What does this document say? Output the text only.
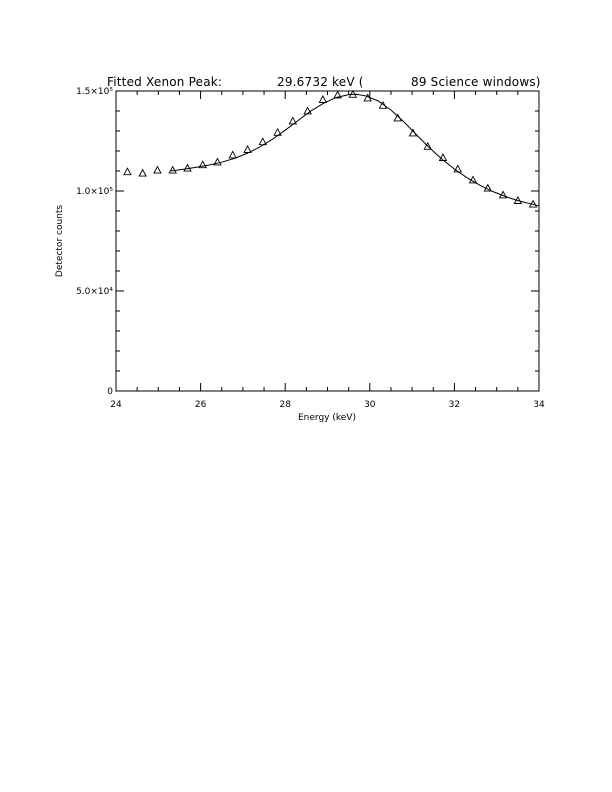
Fitted Xenon Peak:	29.6732 keV (	89 Science windows)
24	26	28	30	32	34
0
5.0×10⁴
1.0×10⁵
1.5×10⁵
Energy (keV)
Detector counts
